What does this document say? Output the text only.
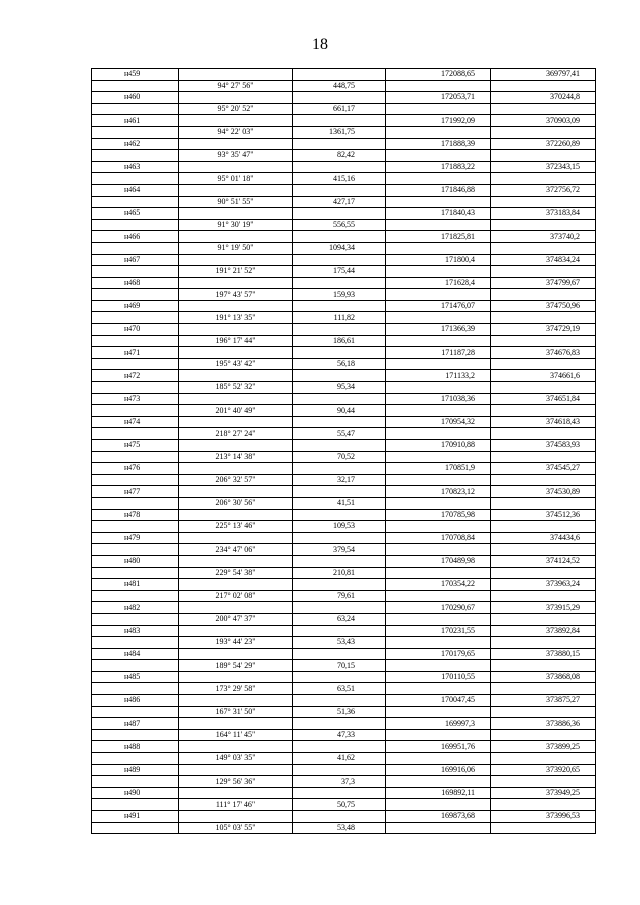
18
н459			172088,65	369797,41
	94° 27' 56"	448,75		
н460			172053,71	370244,8
	95° 20' 52"	661,17		
н461			171992,09	370903,09
	94° 22' 03"	1361,75		
н462			171888,39	372260,89
	93° 35' 47"	82,42		
н463			171883,22	372343,15
	95° 01' 18"	415,16		
н464			171846,88	372756,72
	90° 51' 55"	427,17		
н465			171840,43	373183,84
	91° 30' 19"	556,55		
н466			171825,81	373740,2
	91° 19' 50"	1094,34		
н467			171800,4	374834,24
	191° 21' 52"	175,44		
н468			171628,4	374799,67
	197° 43' 57"	159,93		
н469			171476,07	374750,96
	191° 13' 35"	111,82		
н470			171366,39	374729,19
	196° 17' 44"	186,61		
н471			171187,28	374676,83
	195° 43' 42"	56,18		
н472			171133,2	374661,6
	185° 52' 32"	95,34		
н473			171038,36	374651,84
	201° 40' 49"	90,44		
н474			170954,32	374618,43
	218° 27' 24"	55,47		
н475			170910,88	374583,93
	213° 14' 38"	70,52		
н476			170851,9	374545,27
	206° 32' 57"	32,17		
н477			170823,12	374530,89
	206° 30' 56"	41,51		
н478			170785,98	374512,36
	225° 13' 46"	109,53		
н479			170708,84	374434,6
	234° 47' 06"	379,54		
н480			170489,98	374124,52
	229° 54' 38"	210,81		
н481			170354,22	373963,24
	217° 02' 08"	79,61		
н482			170290,67	373915,29
	200° 47' 37"	63,24		
н483			170231,55	373892,84
	193° 44' 23"	53,43		
н484			170179,65	373880,15
	189° 54' 29"	70,15		
н485			170110,55	373868,08
	173° 29' 58"	63,51		
н486			170047,45	373875,27
	167° 31' 50"	51,36		
н487			169997,3	373886,36
	164° 11' 45"	47,33		
н488			169951,76	373899,25
	149° 03' 35"	41,62		
н489			169916,06	373920,65
	129° 56' 36"	37,3		
н490			169892,11	373949,25
	111° 17' 46"	50,75		
н491			169873,68	373996,53
	105° 03' 55"	53,48		
